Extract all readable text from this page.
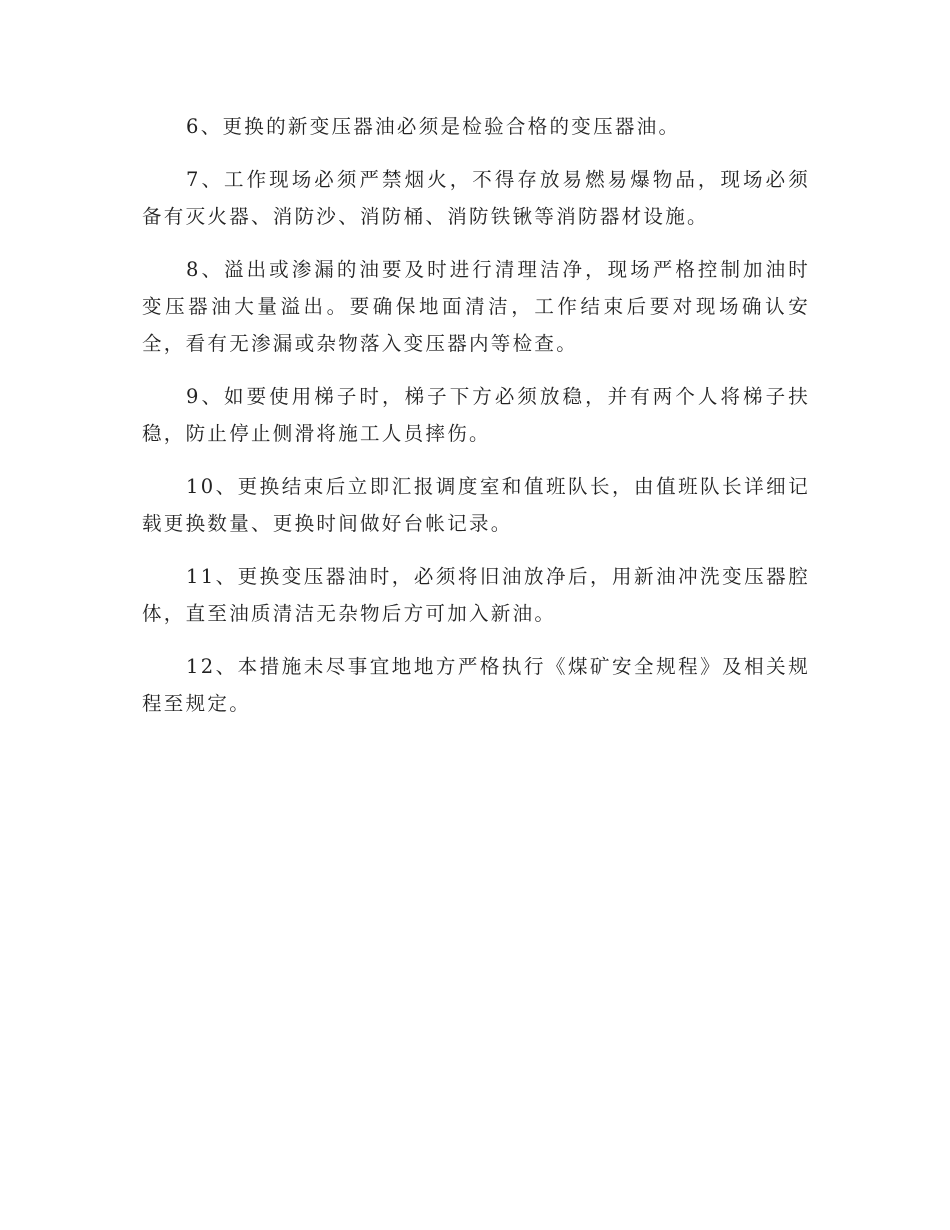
6、更换的新变压器油必须是检验合格的变压器油。

7、工作现场必须严禁烟火，不得存放易燃易爆物品，现场必须备有灭火器、消防沙、消防桶、消防铁锹等消防器材设施。

8、溢出或渗漏的油要及时进行清理洁净，现场严格控制加油时变压器油大量溢出。要确保地面清洁，工作结束后要对现场确认安全，看有无渗漏或杂物落入变压器内等检查。

9、如要使用梯子时，梯子下方必须放稳，并有两个人将梯子扶稳，防止停止侧滑将施工人员摔伤。

10、更换结束后立即汇报调度室和值班队长，由值班队长详细记载更换数量、更换时间做好台帐记录。

11、更换变压器油时，必须将旧油放净后，用新油冲洗变压器腔体，直至油质清洁无杂物后方可加入新油。

12、本措施未尽事宜地地方严格执行《煤矿安全规程》及相关规程至规定。
